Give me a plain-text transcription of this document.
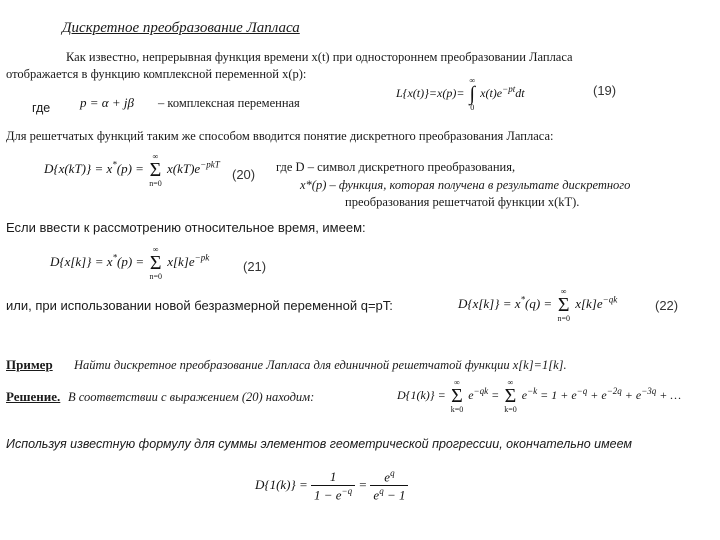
Дискретное преобразование Лапласа
Как известно, непрерывная функция времени x(t) при одностороннем преобразовании Лапласа
отображается в функцию комплексной переменной x(p):
L{x(t)}=x(p)=
∞
∫
0
$x(t)e^{-pt}dt$	(19)
где p = α + jβ – комплексная переменная
Для решетчатых функций таким же способом вводится понятие дискретного преобразования Лапласа:
D{x(kT)} = x*(p) =
∞
Σ
n=0
$x(kT)e^{-pkT}$
(20) где D – символ дискретного преобразования,
x*(p) – функция, которая получена в результате дискретного
преобразования решетчатой функции x(kT).
Если ввести к рассмотрению относительное время, имеем:
D{x[k]} = x*(p) =
∞
Σ
n=0
$x[k]e^{-pk}$
(21)
или, при использовании новой безразмерной переменной q=pT:	D{x[k]} = x*(q) =
∞
Σ
n=0
$x[k]e^{-qk}$	(22)
Пример Найти дискретное преобразование Лапласа для единичной решетчатой функции x[k]=1[k].
Решение. В соответствии с выражением (20) находим:	D{1(k)} =
∞
Σ
k=0
$e^{-qk}$ =
∞
Σ
k=0
$e^{-k} = 1 + e^{-q} + e^{-2q} + e^{-3q}$ + …
Используя известную формулу для суммы элементов геометрической прогрессии, окончательно имеем
$D\{1(k)\} = \frac{1}{1 - e^{-q}} = \frac{e^q}{e^q - 1}$
